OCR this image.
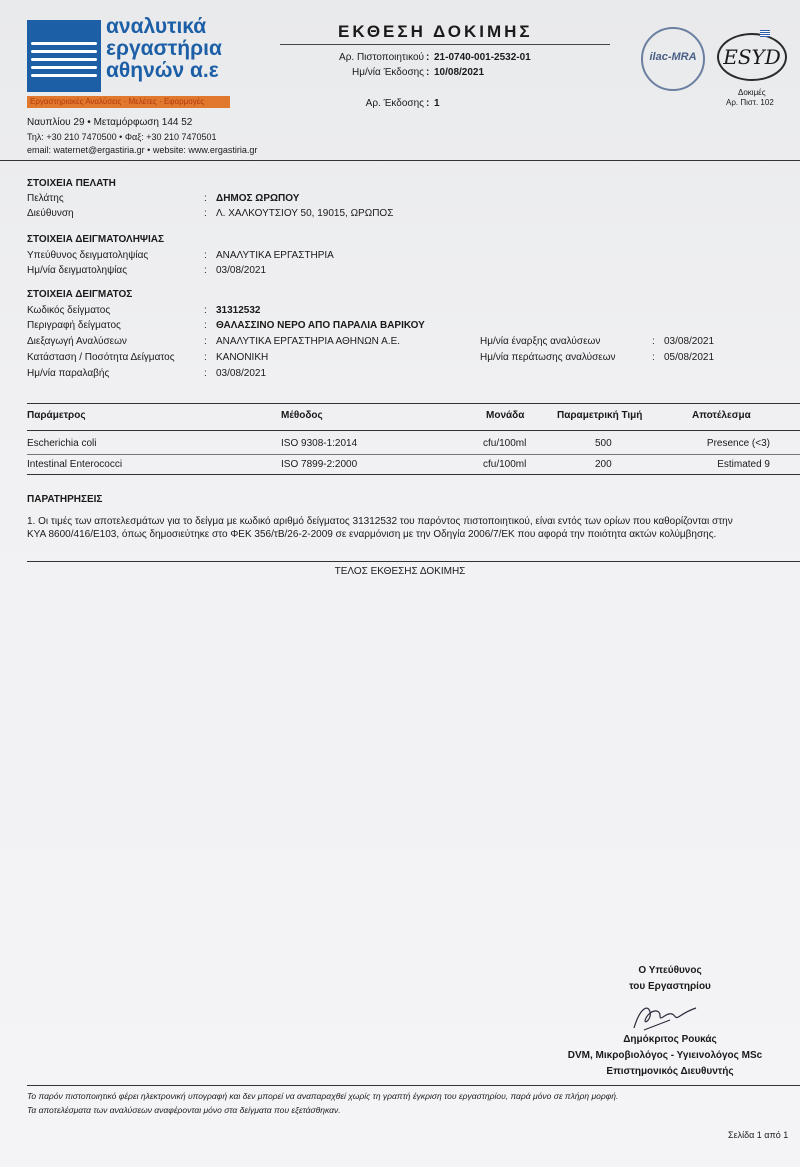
αναλυτικά
εργαστήρια
αθηνών α.ε
Εργαστηριακές Αναλύσεις · Μελέτες · Εφαρμογές
Ναυπλίου 29 • Μεταμόρφωση 144 52
Τηλ: +30 210 7470500 • Φαξ: +30 210 7470501
email: waternet@ergastiria.gr • website: www.ergastiria.gr
ΕΚΘΕΣΗ ΔΟΚΙΜΗΣ
Αρ. Πιστοποιητικού : 21-0740-001-2532-01
Ημ/νία Έκδοσης : 10/08/2021
Αρ. Έκδοσης : 1
ilac-MRA ESYD
Δοκιμές
Αρ. Πιστ. 102
ΣΤΟΙΧΕΙΑ ΠΕΛΑΤΗ
Πελάτης	: ΔΗΜΟΣ ΩΡΩΠΟΥ
Διεύθυνση	: Λ. ΧΑΛΚΟΥΤΣΙΟΥ 50, 19015, ΩΡΩΠΟΣ
ΣΤΟΙΧΕΙΑ ΔΕΙΓΜΑΤΟΛΗΨΙΑΣ
Υπεύθυνος δειγματοληψίας	: ΑΝΑΛΥΤΙΚΑ ΕΡΓΑΣΤΗΡΙΑ
Ημ/νία δειγματοληψίας	: 03/08/2021
ΣΤΟΙΧΕΙΑ ΔΕΙΓΜΑΤΟΣ
Κωδικός δείγματος	: 31312532
Περιγραφή δείγματος	: ΘΑΛΑΣΣΙΝΟ ΝΕΡΟ ΑΠΟ ΠΑΡΑΛΙΑ ΒΑΡΙΚΟΥ
Διεξαγωγή Αναλύσεων	: ΑΝΑΛΥΤΙΚΑ ΕΡΓΑΣΤΗΡΙΑ ΑΘΗΝΩΝ Α.Ε.
Κατάσταση / Ποσότητα Δείγματος	: ΚΑΝΟΝΙΚΗ
Ημ/νία παραλαβής	: 03/08/2021
Ημ/νία έναρξης αναλύσεων	: 03/08/2021
Ημ/νία περάτωσης αναλύσεων	: 05/08/2021
Παράμετρος	Μέθοδος	Μονάδα	Παραμετρική Τιμή	Αποτέλεσμα
Escherichia coli	ISO 9308-1:2014	cfu/100ml	500	Presence (<3)
Intestinal Enterococci	ISO 7899-2:2000	cfu/100ml	200	Estimated 9
ΠΑΡΑΤΗΡΗΣΕΙΣ
1. Οι τιμές των αποτελεσμάτων για το δείγμα με κωδικό αριθμό δείγματος 31312532 του παρόντος πιστοποιητικού, είναι εντός των ορίων που καθορίζονται στην ΚΥΑ 8600/416/Ε103, όπως δημοσιεύτηκε στο ΦΕΚ 356/τΒ/26-2-2009 σε εναρμόνιση με την Οδηγία 2006/7/ΕΚ που αφορά την ποιότητα ακτών κολύμβησης.
ΤΕΛΟΣ ΕΚΘΕΣΗΣ ΔΟΚΙΜΗΣ
Ο Υπεύθυνος
του Εργαστηρίου
Δημόκριτος Ρουκάς
DVM, Μικροβιολόγος - Υγιεινολόγος MSc
Επιστημονικός Διευθυντής
Το παρόν πιστοποιητικό φέρει ηλεκτρονική υπογραφή και δεν μπορεί να αναπαραχθεί χωρίς τη γραπτή έγκριση του εργαστηρίου, παρά μόνο σε πλήρη μορφή.
Τα αποτελέσματα των αναλύσεων αναφέρονται μόνο στα δείγματα που εξετάσθηκαν.
Σελίδα 1 από 1
